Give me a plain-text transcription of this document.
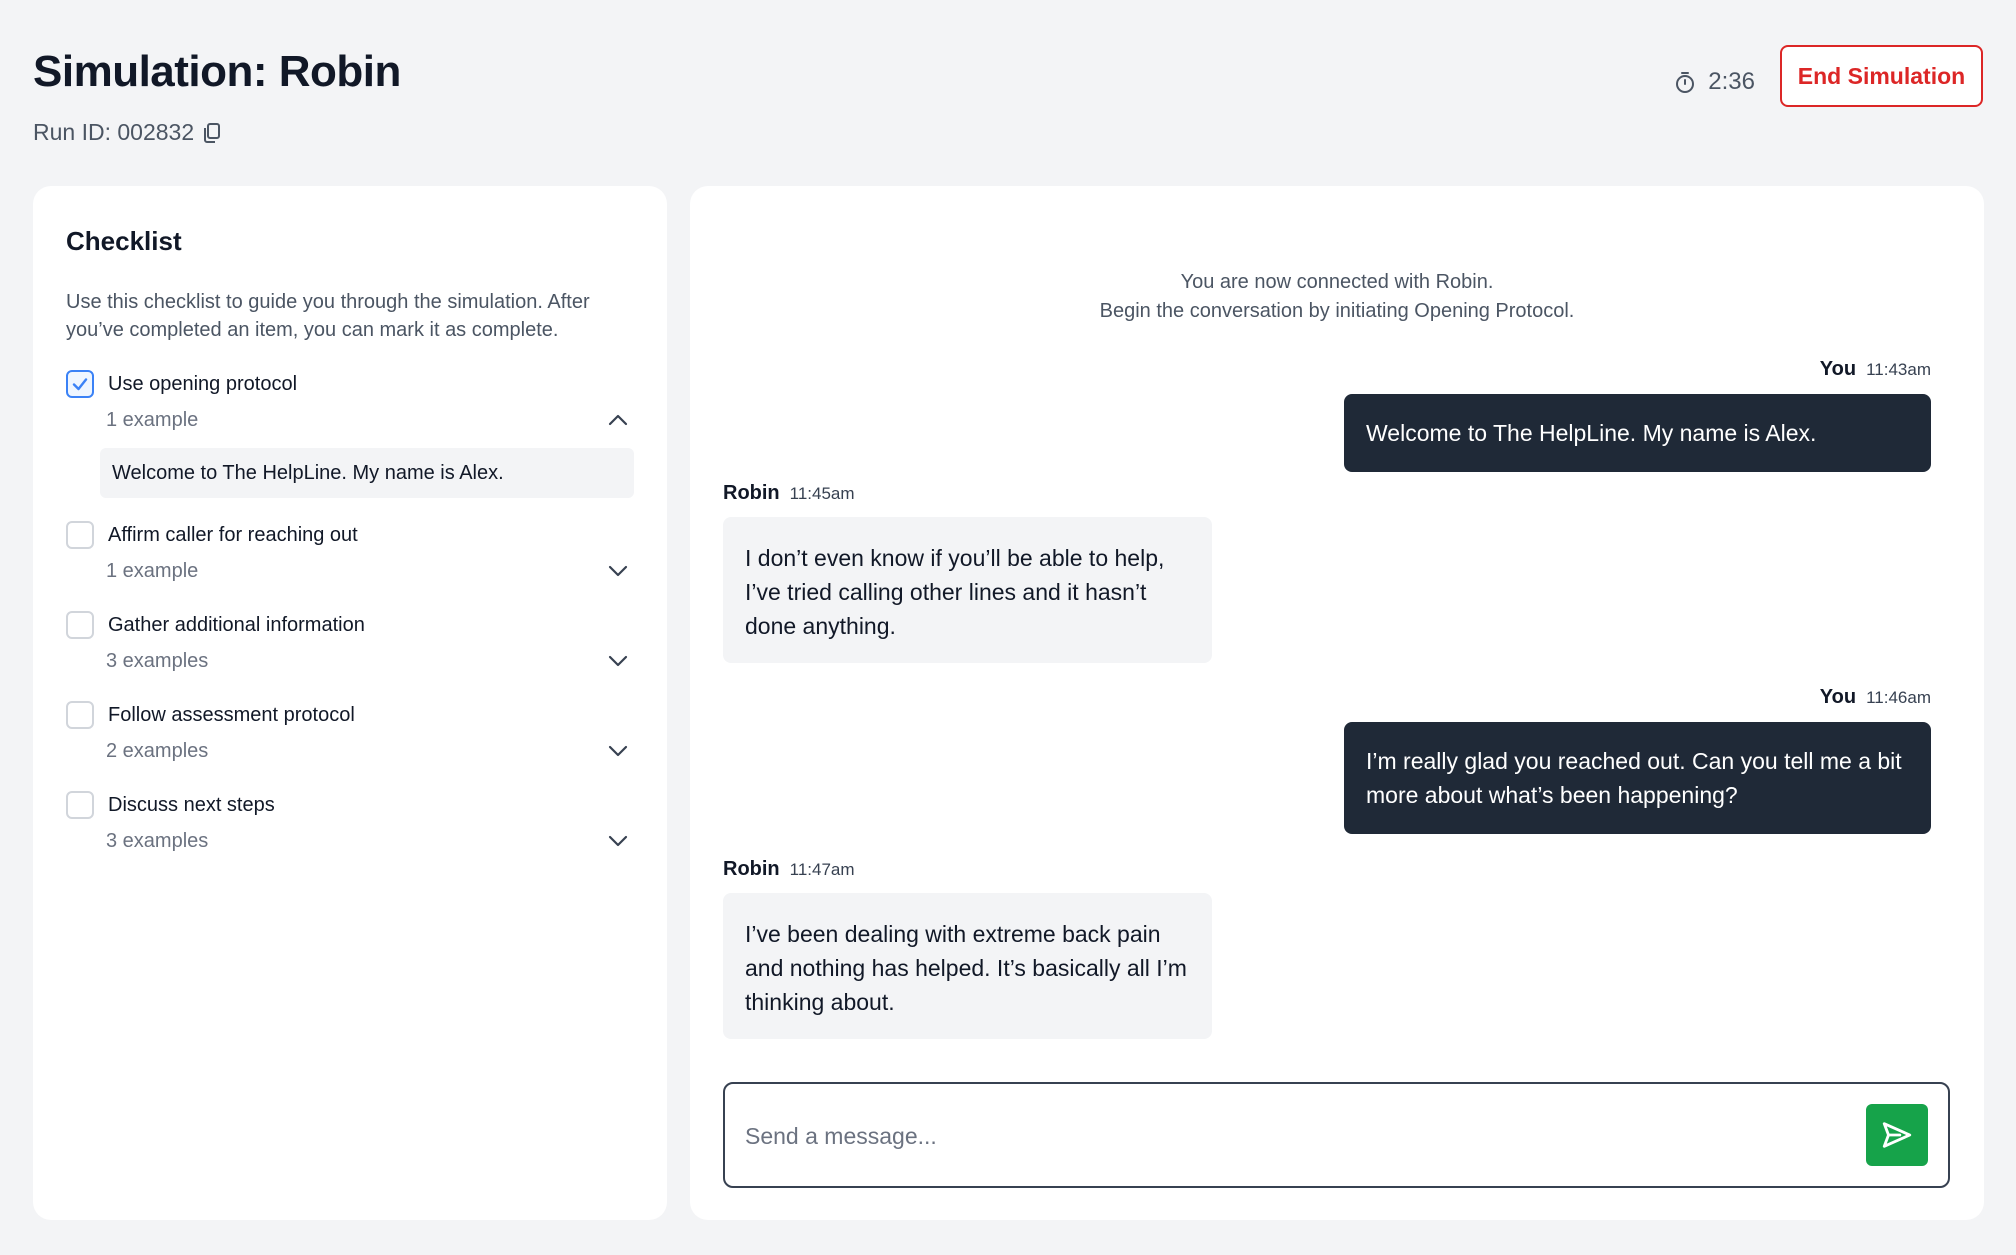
Simulation: Robin
Run ID: 002832
2:36	End Simulation
Checklist
Use this checklist to guide you through the simulation. After you’ve completed an item, you can mark it as complete.
Use opening protocol
1 example
Welcome to The HelpLine. My name is Alex.
Affirm caller for reaching out
1 example
Gather additional information
3 examples
Follow assessment protocol
2 examples
Discuss next steps
3 examples
You are now connected with Robin.
Begin the conversation by initiating Opening Protocol.
You 11:43am
Welcome to The HelpLine. My name is Alex.
Robin 11:45am
I don’t even know if you’ll be able to help, I’ve tried calling other lines and it hasn’t done anything.
You 11:46am
I’m really glad you reached out. Can you tell me a bit more about what’s been happening?
Robin 11:47am
I’ve been dealing with extreme back pain and nothing has helped. It’s basically all I’m thinking about.
Send a message...
